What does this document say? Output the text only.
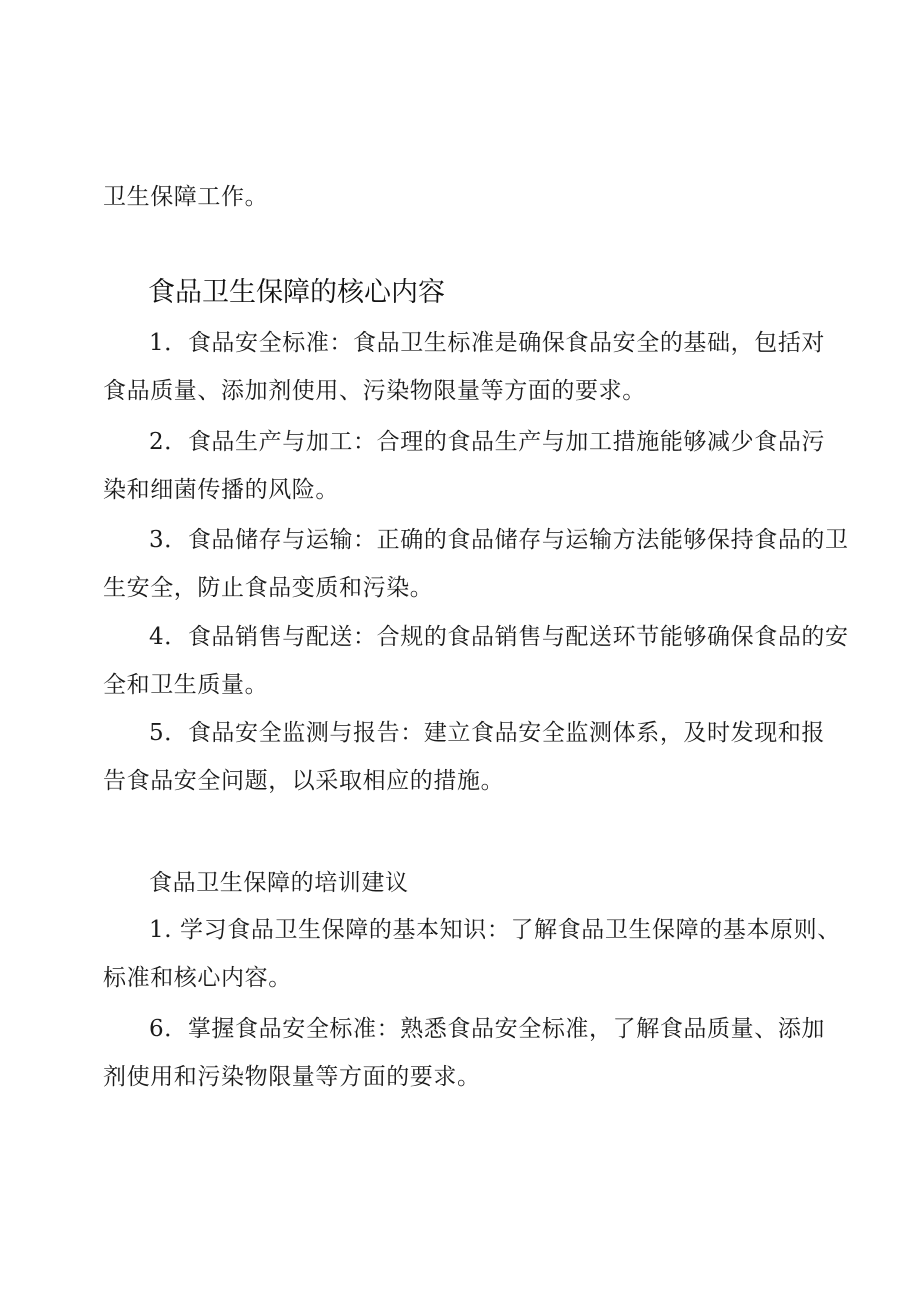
卫生保障工作。
食品卫生保障的核心内容
1．食品安全标准：食品卫生标准是确保食品安全的基础，包括对
食品质量、添加剂使用、污染物限量等方面的要求。
2．食品生产与加工：合理的食品生产与加工措施能够减少食品污
染和细菌传播的风险。
3．食品储存与运输：正确的食品储存与运输方法能够保持食品的卫
生安全，防止食品变质和污染。
4．食品销售与配送：合规的食品销售与配送环节能够确保食品的安
全和卫生质量。
5．食品安全监测与报告：建立食品安全监测体系，及时发现和报
告食品安全问题，以采取相应的措施。
食品卫生保障的培训建议
1. 学习食品卫生保障的基本知识：了解食品卫生保障的基本原则、
标准和核心内容。
6．掌握食品安全标准：熟悉食品安全标准，了解食品质量、添加
剂使用和污染物限量等方面的要求。
